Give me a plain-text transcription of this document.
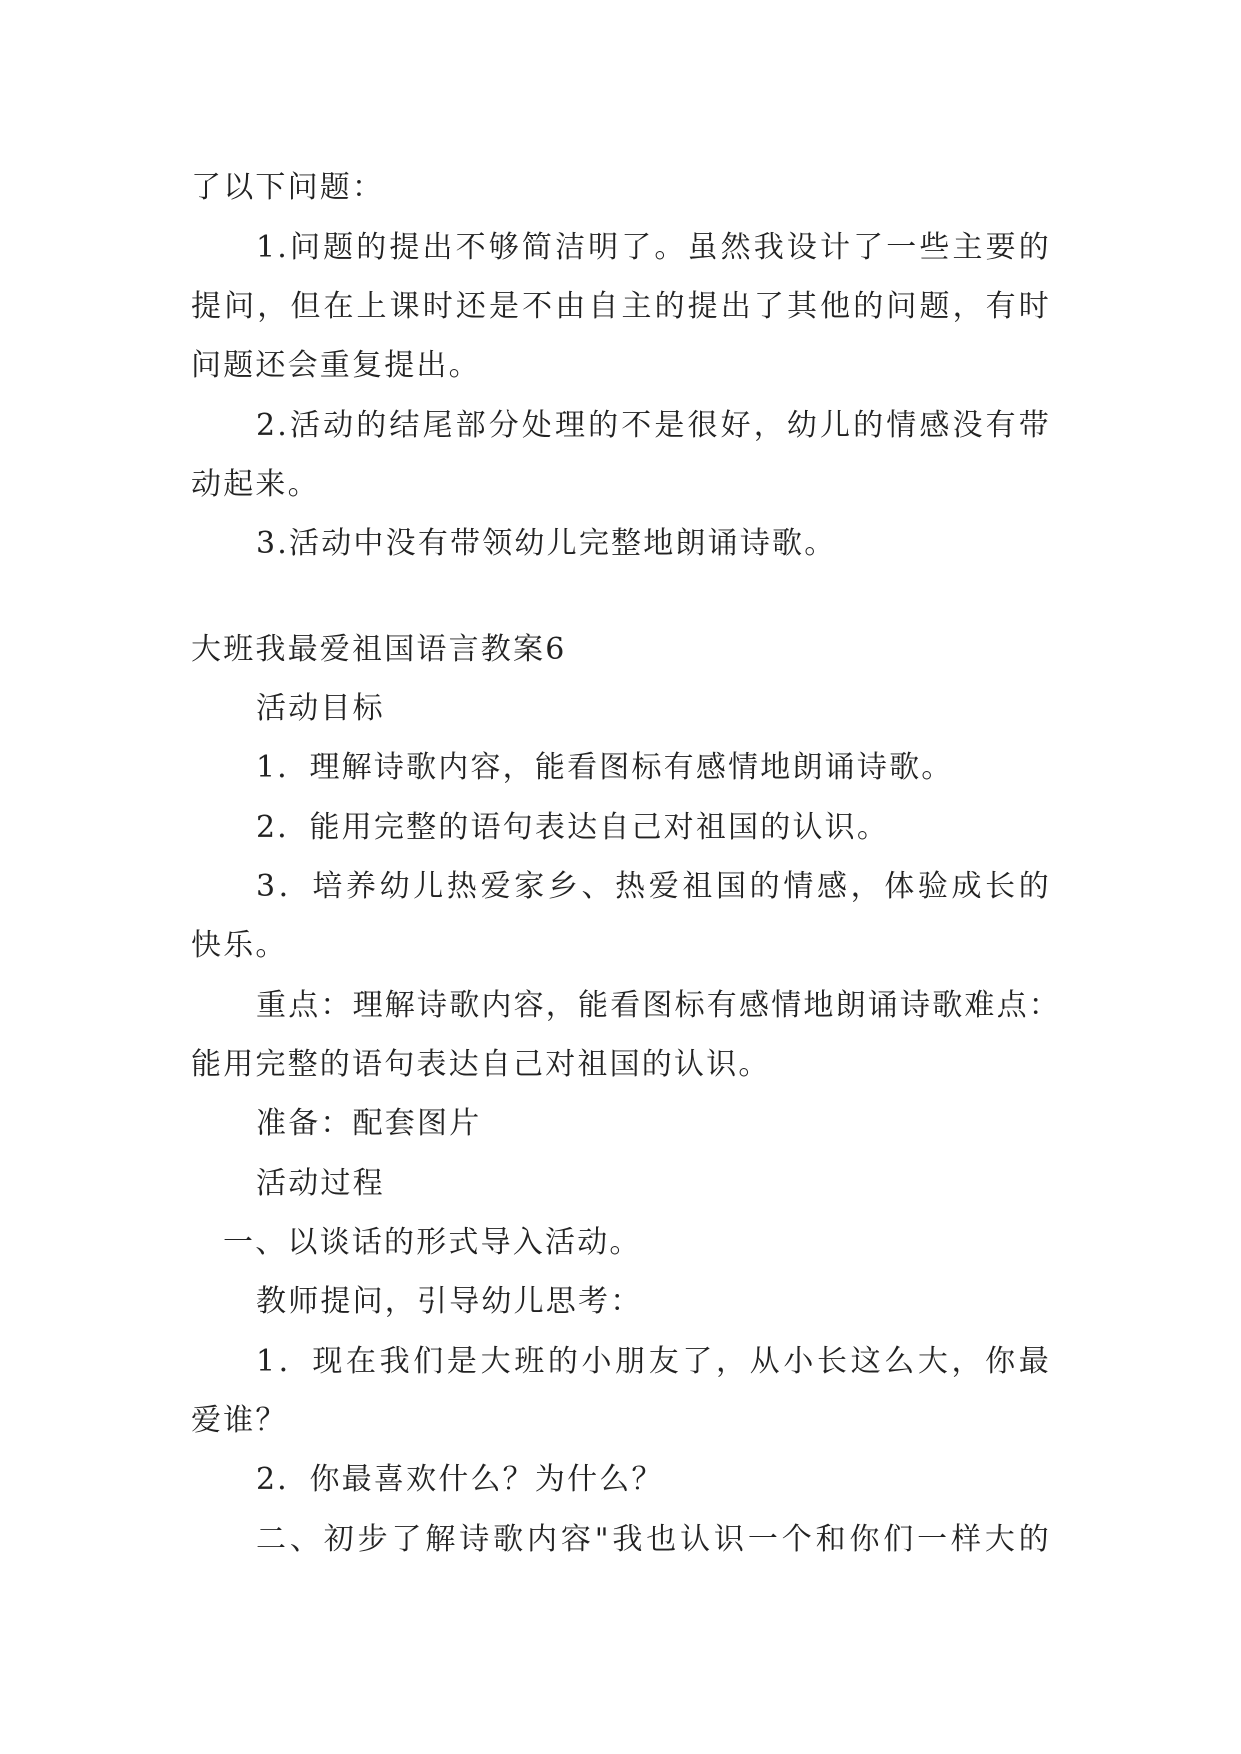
了以下问题：
1.问题的提出不够简洁明了。虽然我设计了一些主要的
提问，但在上课时还是不由自主的提出了其他的问题，有时
问题还会重复提出。
2.活动的结尾部分处理的不是很好，幼儿的情感没有带
动起来。
3.活动中没有带领幼儿完整地朗诵诗歌。
大班我最爱祖国语言教案6
活动目标
1．理解诗歌内容，能看图标有感情地朗诵诗歌。
2．能用完整的语句表达自己对祖国的认识。
3．培养幼儿热爱家乡、热爱祖国的情感，体验成长的
快乐。
重点：理解诗歌内容，能看图标有感情地朗诵诗歌难点：
能用完整的语句表达自己对祖国的认识。
准备：配套图片
活动过程
一、以谈话的形式导入活动。
教师提问，引导幼儿思考：
1．现在我们是大班的小朋友了，从小长这么大，你最
爱谁？
2．你最喜欢什么？为什么？
二、初步了解诗歌内容"我也认识一个和你们一样大的
